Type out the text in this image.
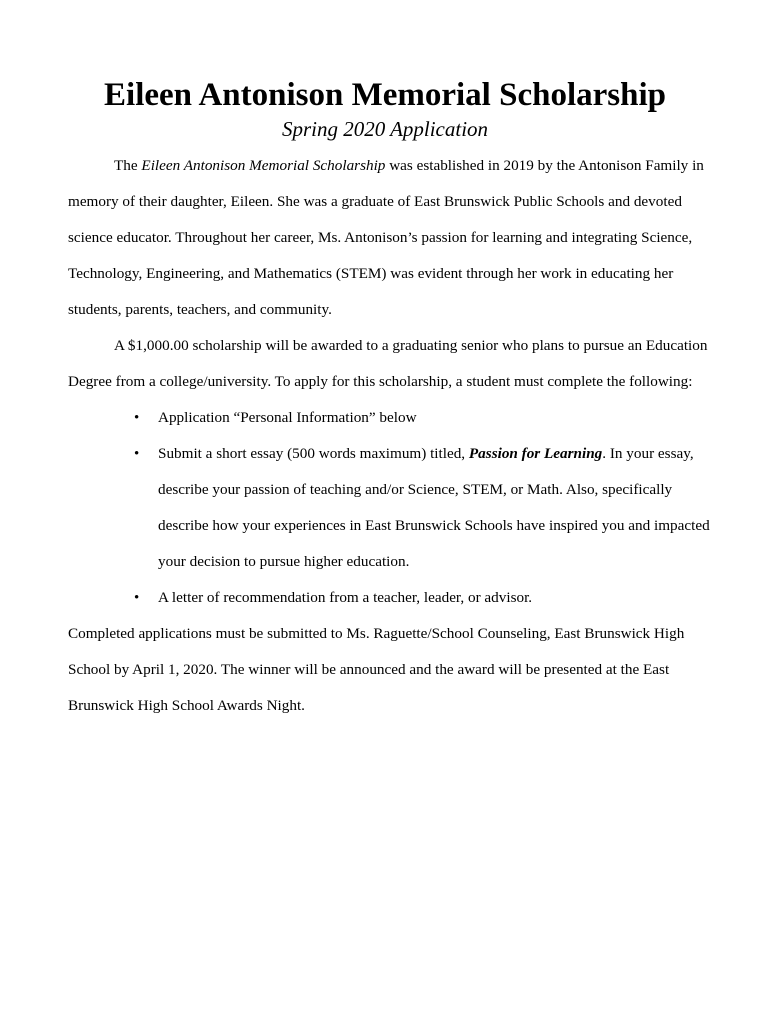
Eileen Antonison Memorial Scholarship
Spring 2020 Application

The Eileen Antonison Memorial Scholarship was established in 2019 by the Antonison Family in memory of their daughter, Eileen. She was a graduate of East Brunswick Public Schools and devoted science educator. Throughout her career, Ms. Antonison’s passion for learning and integrating Science, Technology, Engineering, and Mathematics (STEM) was evident through her work in educating her students, parents, teachers, and community.

A $1,000.00 scholarship will be awarded to a graduating senior who plans to pursue an Education Degree from a college/university. To apply for this scholarship, a student must complete the following:

• Application “Personal Information” below
• Submit a short essay (500 words maximum) titled, Passion for Learning. In your essay, describe your passion of teaching and/or Science, STEM, or Math. Also, specifically describe how your experiences in East Brunswick Schools have inspired you and impacted your decision to pursue higher education.
• A letter of recommendation from a teacher, leader, or advisor.

Completed applications must be submitted to Ms. Raguette/School Counseling, East Brunswick High School by April 1, 2020. The winner will be announced and the award will be presented at the East Brunswick High School Awards Night.
